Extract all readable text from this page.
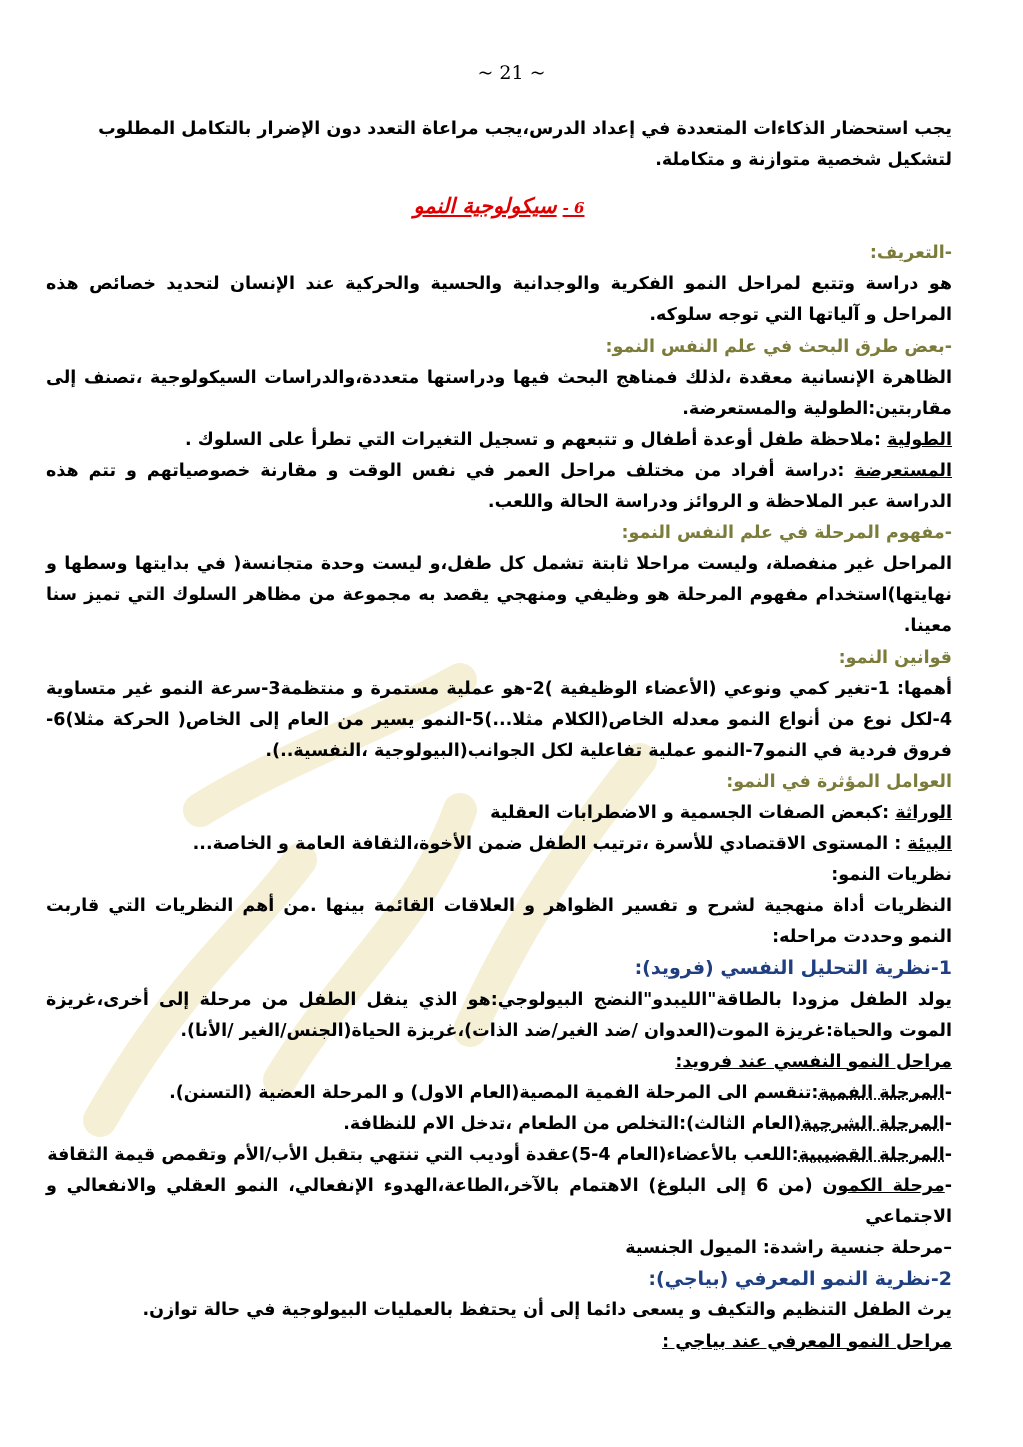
~ 21 ~

يجب استحضار الذكاءات المتعددة في إعداد الدرس،يجب مراعاة التعدد دون الإضرار بالتكامل المطلوب

لتشكيل شخصية متوازنة و متكاملة.

6 -سيكولوجية النمو

-التعريف:

هو دراسة وتتبع لمراحل النمو الفكرية والوجدانية والحسية والحركية عند الإنسان لتحديد خصائص هذه المراحل و آلياتها التي توجه سلوكه.

-بعض طرق البحث في علم النفس النمو:

الظاهرة الإنسانية معقدة ،لذلك فمناهج البحث فيها ودراستها متعددة،والدراسات السيكولوجية ،تصنف إلى مقاربتين:الطولية والمستعرضة.

الطولية :ملاحظة طفل أوعدة أطفال و تتبعهم و تسجيل التغيرات التي تطرأ على السلوك .

المستعرضة :دراسة أفراد من مختلف مراحل العمر في نفس الوقت و مقارنة خصوصياتهم و تتم هذه الدراسة عبر الملاحظة و الروائز ودراسة الحالة واللعب.

-مفهوم المرحلة في علم النفس النمو:

المراحل غير منفصلة، وليست مراحلا ثابتة تشمل كل طفل،و ليست وحدة متجانسة( في بدايتها وسطها و نهايتها)استخدام مفهوم المرحلة هو وظيفي ومنهجي يقصد به مجموعة من مظاهر السلوك التي تميز سنا معينا.

قوانين النمو:

أهمها: 1-تغير كمي ونوعي (الأعضاء الوظيفية )2-هو عملية مستمرة و منتظمة3-سرعة النمو غير متساوية 4-لكل نوع من أنواع النمو معدله الخاص(الكلام مثلا...)5-النمو يسير من العام إلى الخاص( الحركة مثلا)6-فروق فردية في النمو7-النمو عملية تفاعلية لكل الجوانب(البيولوجية ،النفسية..).

العوامل المؤثرة في النمو:

الوراثة :كبعض الصفات الجسمية و الاضطرابات العقلية

البيئة : المستوى الاقتصادي للأسرة ،ترتيب الطفل ضمن الأخوة،الثقافة العامة و الخاصة...

نظريات النمو:

النظريات أداة منهجية لشرح و تفسير الظواهر و العلاقات القائمة بينها .من أهم النظريات التي قاربت النمو وحددت مراحله:

1-نظرية التحليل النفسي (فرويد):

يولد الطفل مزودا بالطاقة"الليبدو"النضج البيولوجي:هو الذي ينقل الطفل من مرحلة إلى أخرى،غريزة الموت والحياة:غريزة الموت(العدوان /ضد الغير/ضد الذات)،غريزة الحياة(الجنس/الغير /الأنا).

مراحل النمو النفسي عند فرويد:

-المرحلة الفمية:تنقسم الى المرحلة الفمية المصية(العام الاول) و المرحلة العضية (التسنن).

-المرحلة الشرجية(العام الثالث):التخلص من الطعام ،تدخل الام للنظافة.

-المرحلة القضيبية:اللعب بالأعضاء(العام 4-5)عقدة أوديب التي تنتهي بتقبل الأب/الأم وتقمص قيمة الثقافة

-مرحلة الكمون (من 6 إلى البلوغ) الاهتمام بالآخر،الطاعة،الهدوء الإنفعالي، النمو العقلي والانفعالي و الاجتماعي

–مرحلة جنسية راشدة: الميول الجنسية

2-نظرية النمو المعرفي (بياجي):

يرث الطفل التنظيم والتكيف و يسعى دائما إلى أن يحتفظ بالعمليات البيولوجية في حالة توازن.

مراحل النمو المعرفي عند بياجي :
